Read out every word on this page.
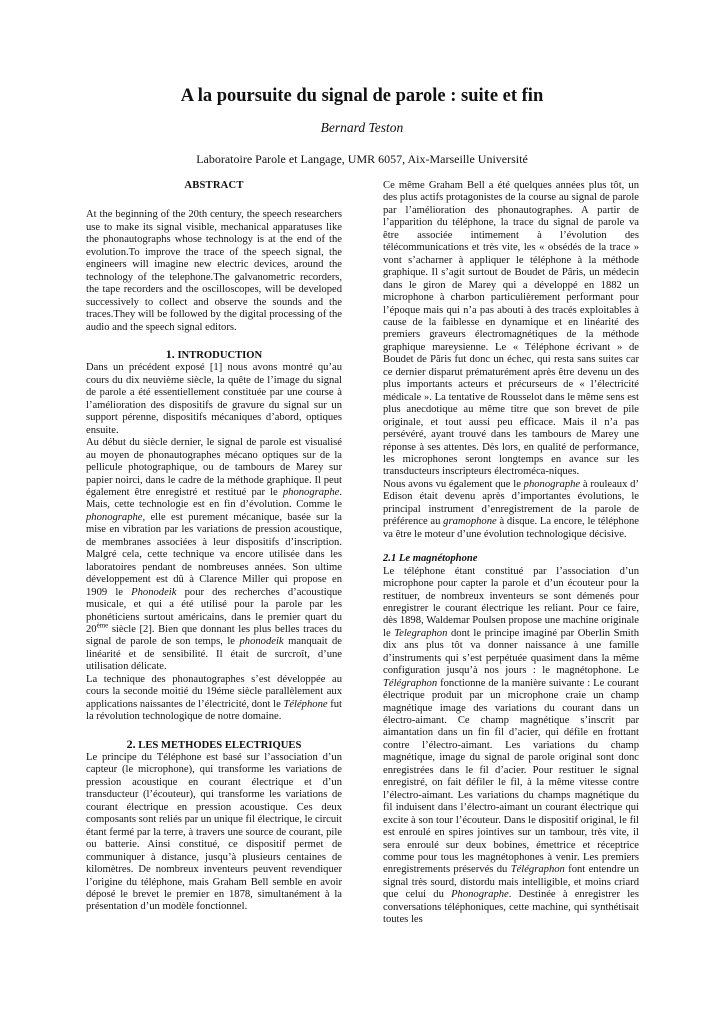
A la poursuite du signal de parole : suite et fin
Bernard Teston
Laboratoire Parole et Langage, UMR 6057, Aix-Marseille Université
ABSTRACT

At the beginning of the 20th century, the speech researchers use to make its signal visible, mechanical apparatuses like the phonautographs whose technology is at the end of the evolution.To improve the trace of the speech signal, the engineers will imagine new electric devices, around the technology of the telephone.The galvanometric recorders, the tape recorders and the oscilloscopes, will be developed successively to collect and observe the sounds and the traces.They will be followed by the digital processing of the audio and the speech signal editors.

1. INTRODUCTION

Dans un précédent exposé [1] nous avons montré qu’au cours du dix neuvième siècle, la quête de l’image du signal de parole a été essentiellement constituée par une course à l’amélioration des dispositifs de gravure du signal sur un support pérenne, dispositifs mécaniques d’abord, optiques ensuite.

Au début du siècle dernier, le signal de parole est visualisé au moyen de phonautographes mécano optiques sur de la pellicule photographique, ou de tambours de Marey sur papier noirci, dans le cadre de la méthode graphique. Il peut également être enregistré et restitué par le phonographe. Mais, cette technologie est en fin d’évolution. Comme le phonographe, elle est purement mécanique, basée sur la mise en vibration par les variations de pression acoustique, de membranes associées à leur dispositifs d’inscription. Malgré cela, cette technique va encore utilisée dans les laboratoires pendant de nombreuses années. Son ultime développement est dû à Clarence Miller qui propose en 1909 le Phonodeik pour des recherches d’acoustique musicale, et qui a été utilisé pour la parole par les phonéticiens surtout américains, dans le premier quart du 20ème siècle [2]. Bien que donnant les plus belles traces du signal de parole de son temps, le phonodeik manquait de linéarité et de sensibilité. Il était de surcroît, d’une utilisation délicate.

La technique des phonautographes s’est développée au cours la seconde moitié du 19éme siècle parallèlement aux applications naissantes de l’électricité, dont le Téléphone fut la révolution technologique de notre domaine.

2. LES METHODES ELECTRIQUES

Le principe du Téléphone est basé sur l’association d’un capteur (le microphone), qui transforme les variations de pression acoustique en courant électrique et d’un transducteur (l’écouteur), qui transforme les variations de courant électrique en pression acoustique. Ces deux composants sont reliés par un unique fil électrique, le circuit étant fermé par la terre, à travers une source de courant, pile ou batterie. Ainsi constitué, ce dispositif permet de communiquer à distance, jusqu’à plusieurs centaines de kilomètres. De nombreux inventeurs peuvent revendiquer l’origine du téléphone, mais Graham Bell semble en avoir déposé le brevet le premier en 1878, simultanément à la présentation d’un modèle fonctionnel.

Ce même Graham Bell a été quelques années plus tôt, un des plus actifs protagonistes de la course au signal de parole par l’amélioration des phonautographes. A partir de l’apparition du téléphone, la trace du signal de parole va être associée intimement à l’évolution des télécommunications et très vite, les « obsédés de la trace » vont s’acharner à appliquer le téléphone à la méthode graphique. Il s’agit surtout de Boudet de Pâris, un médecin dans le giron de Marey qui a développé en 1882 un microphone à charbon particulièrement performant pour l’époque mais qui n’a pas abouti à des tracés exploitables à cause de la faiblesse en dynamique et en linéarité des premiers graveurs électromagnétiques de la méthode graphique mareysienne. Le « Téléphone écrivant » de Boudet de Pâris fut donc un échec, qui resta sans suites car ce dernier disparut prématurément après être devenu un des plus importants acteurs et précurseurs de « l’électricité médicale ». La tentative de Rousselot dans le même sens est plus anecdotique au même titre que son brevet de pile originale, et tout aussi peu efficace. Mais il n’a pas persévéré, ayant trouvé dans les tambours de Marey une réponse à ses attentes. Dès lors, en qualité de performance, les microphones seront longtemps en avance sur les transducteurs inscripteurs électroméca-niques.

Nous avons vu également que le phonographe à rouleaux d’ Edison était devenu après d’importantes évolutions, le principal instrument d’enregistrement de la parole de préférence au gramophone à disque. La encore, le téléphone va être le moteur d’une évolution technologique décisive.

2.1 Le magnétophone

Le téléphone étant constitué par l’association d’un microphone pour capter la parole et d’un écouteur pour la restituer, de nombreux inventeurs se sont démenés pour enregistrer le courant électrique les reliant. Pour ce faire, dès 1898, Waldemar Poulsen propose une machine originale le Telegraphon dont le principe imaginé par Oberlin Smith dix ans plus tôt va donner naissance à une famille d’instruments qui s’est perpétuée quasiment dans la même configuration jusqu’à nos jours : le magnétophone. Le Télégraphon fonctionne de la manière suivante : Le courant électrique produit par un microphone craie un champ magnétique image des variations du courant dans un électro-aimant. Ce champ magnétique s’inscrit par aimantation dans un fin fil d’acier, qui défile en frottant contre l’électro-aimant. Les variations du champ magnétique, image du signal de parole original sont donc enregistrées dans le fil d’acier. Pour restituer le signal enregistré, on fait défiler le fil, à la même vitesse contre l’électro-aimant. Les variations du champs magnétique du fil induisent dans l’électro-aimant un courant électrique qui excite à son tour l’écouteur. Dans le dispositif original, le fil est enroulé en spires jointives sur un tambour, très vite, il sera enroulé sur deux bobines, émettrice et réceptrice comme pour tous les magnétophones à venir. Les premiers enregistrements préservés du Télégraphon font entendre un signal très sourd, distordu mais intelligible, et moins criard que celui du Phonographe. Destinée à enregistrer les conversations téléphoniques, cette machine, qui synthétisait toutes les
